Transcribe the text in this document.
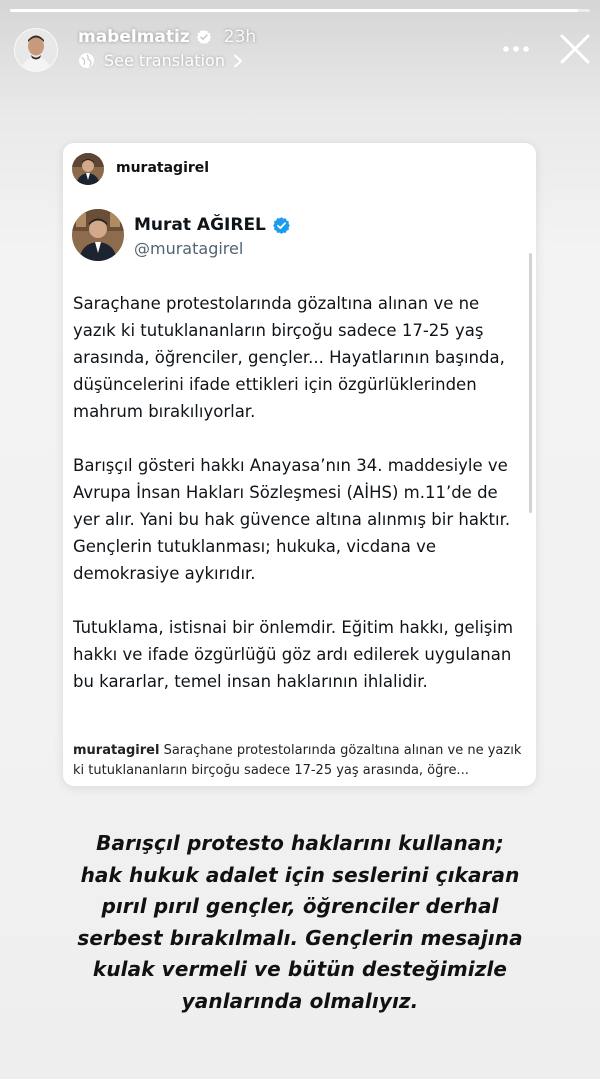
mabelmatiz 23h
See translation
muratagirel
Murat AĞIREL
@muratagirel

Saraçhane protestolarında gözaltına alınan ve ne yazık ki tutuklananların birçoğu sadece 17-25 yaş arasında, öğrenciler, gençler... Hayatlarının başında, düşüncelerini ifade ettikleri için özgürlüklerinden mahrum bırakılıyorlar.

Barışçıl gösteri hakkı Anayasa’nın 34. maddesiyle ve Avrupa İnsan Hakları Sözleşmesi (AİHS) m.11’de de yer alır. Yani bu hak güvence altına alınmış bir haktır. Gençlerin tutuklanması; hukuka, vicdana ve demokrasiye aykırıdır.

Tutuklama, istisnai bir önlemdir. Eğitim hakkı, gelişim hakkı ve ifade özgürlüğü göz ardı edilerek uygulanan bu kararlar, temel insan haklarının ihlalidir.

muratagirel Saraçhane protestolarında gözaltına alınan ve ne yazık ki tutuklananların birçoğu sadece 17-25 yaş arasında, öğre...
Barışçıl protesto haklarını kullanan;
hak hukuk adalet için seslerini çıkaran
pırıl pırıl gençler, öğrenciler derhal
serbest bırakılmalı. Gençlerin mesajına
kulak vermeli ve bütün desteğimizle
yanlarında olmalıyız.
